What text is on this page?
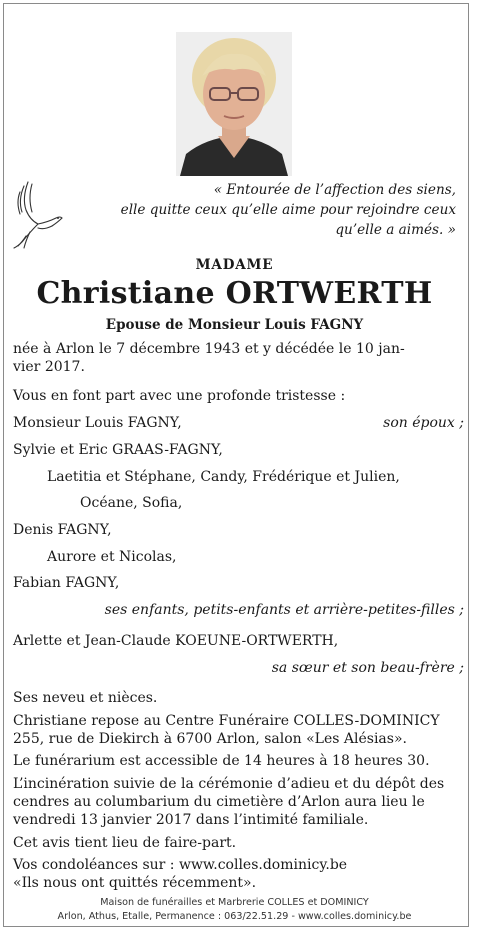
« Entourée de l’affection des siens,
elle quitte ceux qu’elle aime pour rejoindre ceux
qu’elle a aimés. »
MADAME
Christiane ORTWERTH
Epouse de Monsieur Louis FAGNY
née à Arlon le 7 décembre 1943 et y décédée le 10 jan-
vier 2017.
Vous en font part avec une profonde tristesse :
Monsieur Louis FAGNY,	son époux ;
Sylvie et Eric GRAAS-FAGNY,
Laetitia et Stéphane, Candy, Frédérique et Julien,
Océane, Sofia,
Denis FAGNY,
Aurore et Nicolas,
Fabian FAGNY,
ses enfants, petits-enfants et arrière-petites-filles ;
Arlette et Jean-Claude KOEUNE-ORTWERTH,
sa sœur et son beau-frère ;
Ses neveu et nièces.
Christiane repose au Centre Funéraire COLLES-DOMINICY
255, rue de Diekirch à 6700 Arlon, salon «Les Alésias».
Le funérarium est accessible de 14 heures à 18 heures 30.
L’incinération suivie de la cérémonie d’adieu et du dépôt des
cendres au columbarium du cimetière d’Arlon aura lieu le
vendredi 13 janvier 2017 dans l’intimité familiale.
Cet avis tient lieu de faire-part.
Vos condoléances sur : www.colles.dominicy.be
«Ils nous ont quittés récemment».
Maison de funérailles et Marbrerie COLLES et DOMINICY
Arlon, Athus, Etalle, Permanence : 063/22.51.29 - www.colles.dominicy.be
